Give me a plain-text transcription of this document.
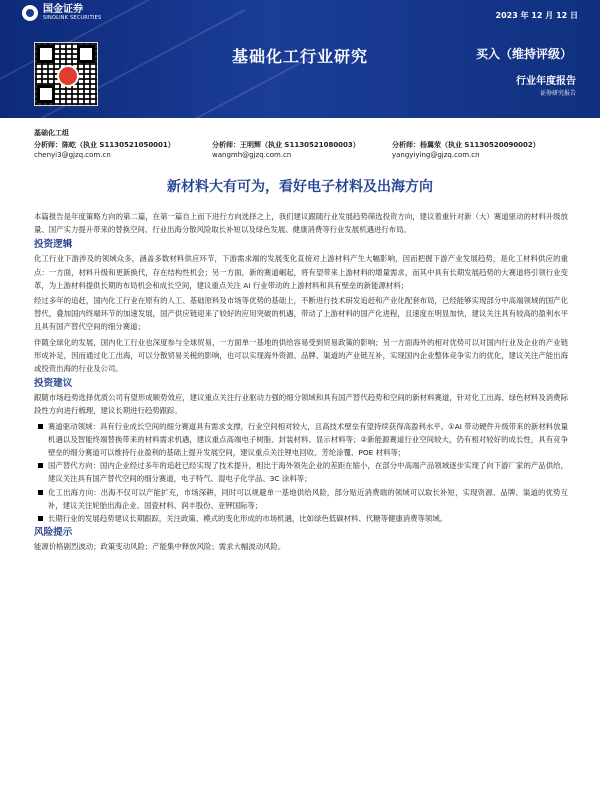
国金证券
SINOLINK SECURITIES	2023 年 12 月 12 日
基础化工行业研究	买入（维持评级）
行业年度报告
证券研究报告
基础化工组
分析师：陈屹（执业 S1130521050001）
chenyi3@gjzq.com.cn
分析师：王明辉（执业 S1130521080003）
wangmh@gjzq.com.cn
分析师：杨翼荥（执业 S1130520090002）
yangyiying@gjzq.com.cn
新材料大有可为，看好电子材料及出海方向

本篇报告是年度策略方向的第二篇，在第一篇自上而下进行方向选择之上，我们建议跟随行业发展趋势筛选投资方向，建议着重针对新（大）赛道驱动的材料升级放量、国产实力提升带来的替换空间、行业出海分散风险取长补短以及绿色发展、健康消费等行业发展机遇进行布局。

投资逻辑

化工行业下游涉及的领域众多，涵盖多数材料供应环节，下游需求端的发展变化直接对上游材料产生大幅影响，因而把握下游产业发展趋势，是化工材料供应的重点：一方面，材料升级和更新换代，存在结构性机会；另一方面，新的赛道崛起，将有望带来上游材料的增量需求，而其中具有长期发展趋势的大赛道将引领行业变革，为上游材料提供长期的布局机会和成长空间，建议重点关注 AI 行业带动的上游材料和具有壁垒的新能源材料；

经过多年的追赶，国内化工行业在原有的人工、基础原料及市场等优势的基础上，不断进行技术研发追赶和产业化配套布局，已经能够实现部分中高端领域的国产化替代，叠加国内终端环节的加速发展，国产供应链迎来了较好的应用突破的机遇，带动了上游材料的国产化进程，且速度在明显加快，建议关注具有较高的盈利水平且具有国产替代空间的细分赛道；

伴随全球化的发展，国内化工行业也深度参与全球贸易，一方面单一基地的供给容易受到贸易政策的影响；另一方面海外的相对优势可以对国内行业及企业的产业链形成补足，因而通过化工出海，可以分散贸易关税的影响，也可以实现海外资源、品牌、渠道的产业链互补，实现国内企业整体竞争实力的优化，建议关注产能出海或投资出海的行业及公司。

投资建议

跟随市场趋势选择优质公司有望形成顺势效应，建议重点关注行业驱动力强的细分领域和具有国产替代趋势和空间的新材料赛道，针对化工出海、绿色材料及消费际段性方向进行梳理，建议长期进行趋势跟踪。

赛道驱动领域：具有行业成长空间的细分赛道具有需求支撑，行业空间相对较大，且高技术壁垒有望持续获得高盈利水平。①AI 带动硬件升级带来的新材料放量机遇以及智能终端替换带来的材料需求机遇，建议重点高端电子树脂、封装材料、显示材料等；②新能源赛道行业空间较大，仍有相对较好的成长性，具有竞争壁垒的细分赛道可以维持行业盈利的基础上提升发展空间，建议重点关注锂电回收、芳纶涂覆、POE 材料等；
国产替代方向：国内企业经过多年的追赶已经实现了技术提升，相比于海外领先企业的差距在缩小，在部分中高端产品领域逐步实现了向下游厂家的产品供给，建议关注具有国产替代空间的细分赛道，电子特气、湿电子化学品、3C 涂料等；
化工出海方向：出海不仅可以产能扩充，市场深耕，同时可以规避单一基地供给风险，部分贴近消费端的领域可以取长补短，实现资源、品牌、渠道的优势互补，建议关注轮胎出海企业、国瓷材料、润丰股份、亚钾国际等；
长期行业的发展趋势建议长期跟踪，关注政策、模式的变化形成的市场机遇，比如绿色低碳材料、代糖等健康消费等领域。
风险提示

能源价格剧烈波动；政策变动风险；产能集中释放风险；需求大幅波动风险。
